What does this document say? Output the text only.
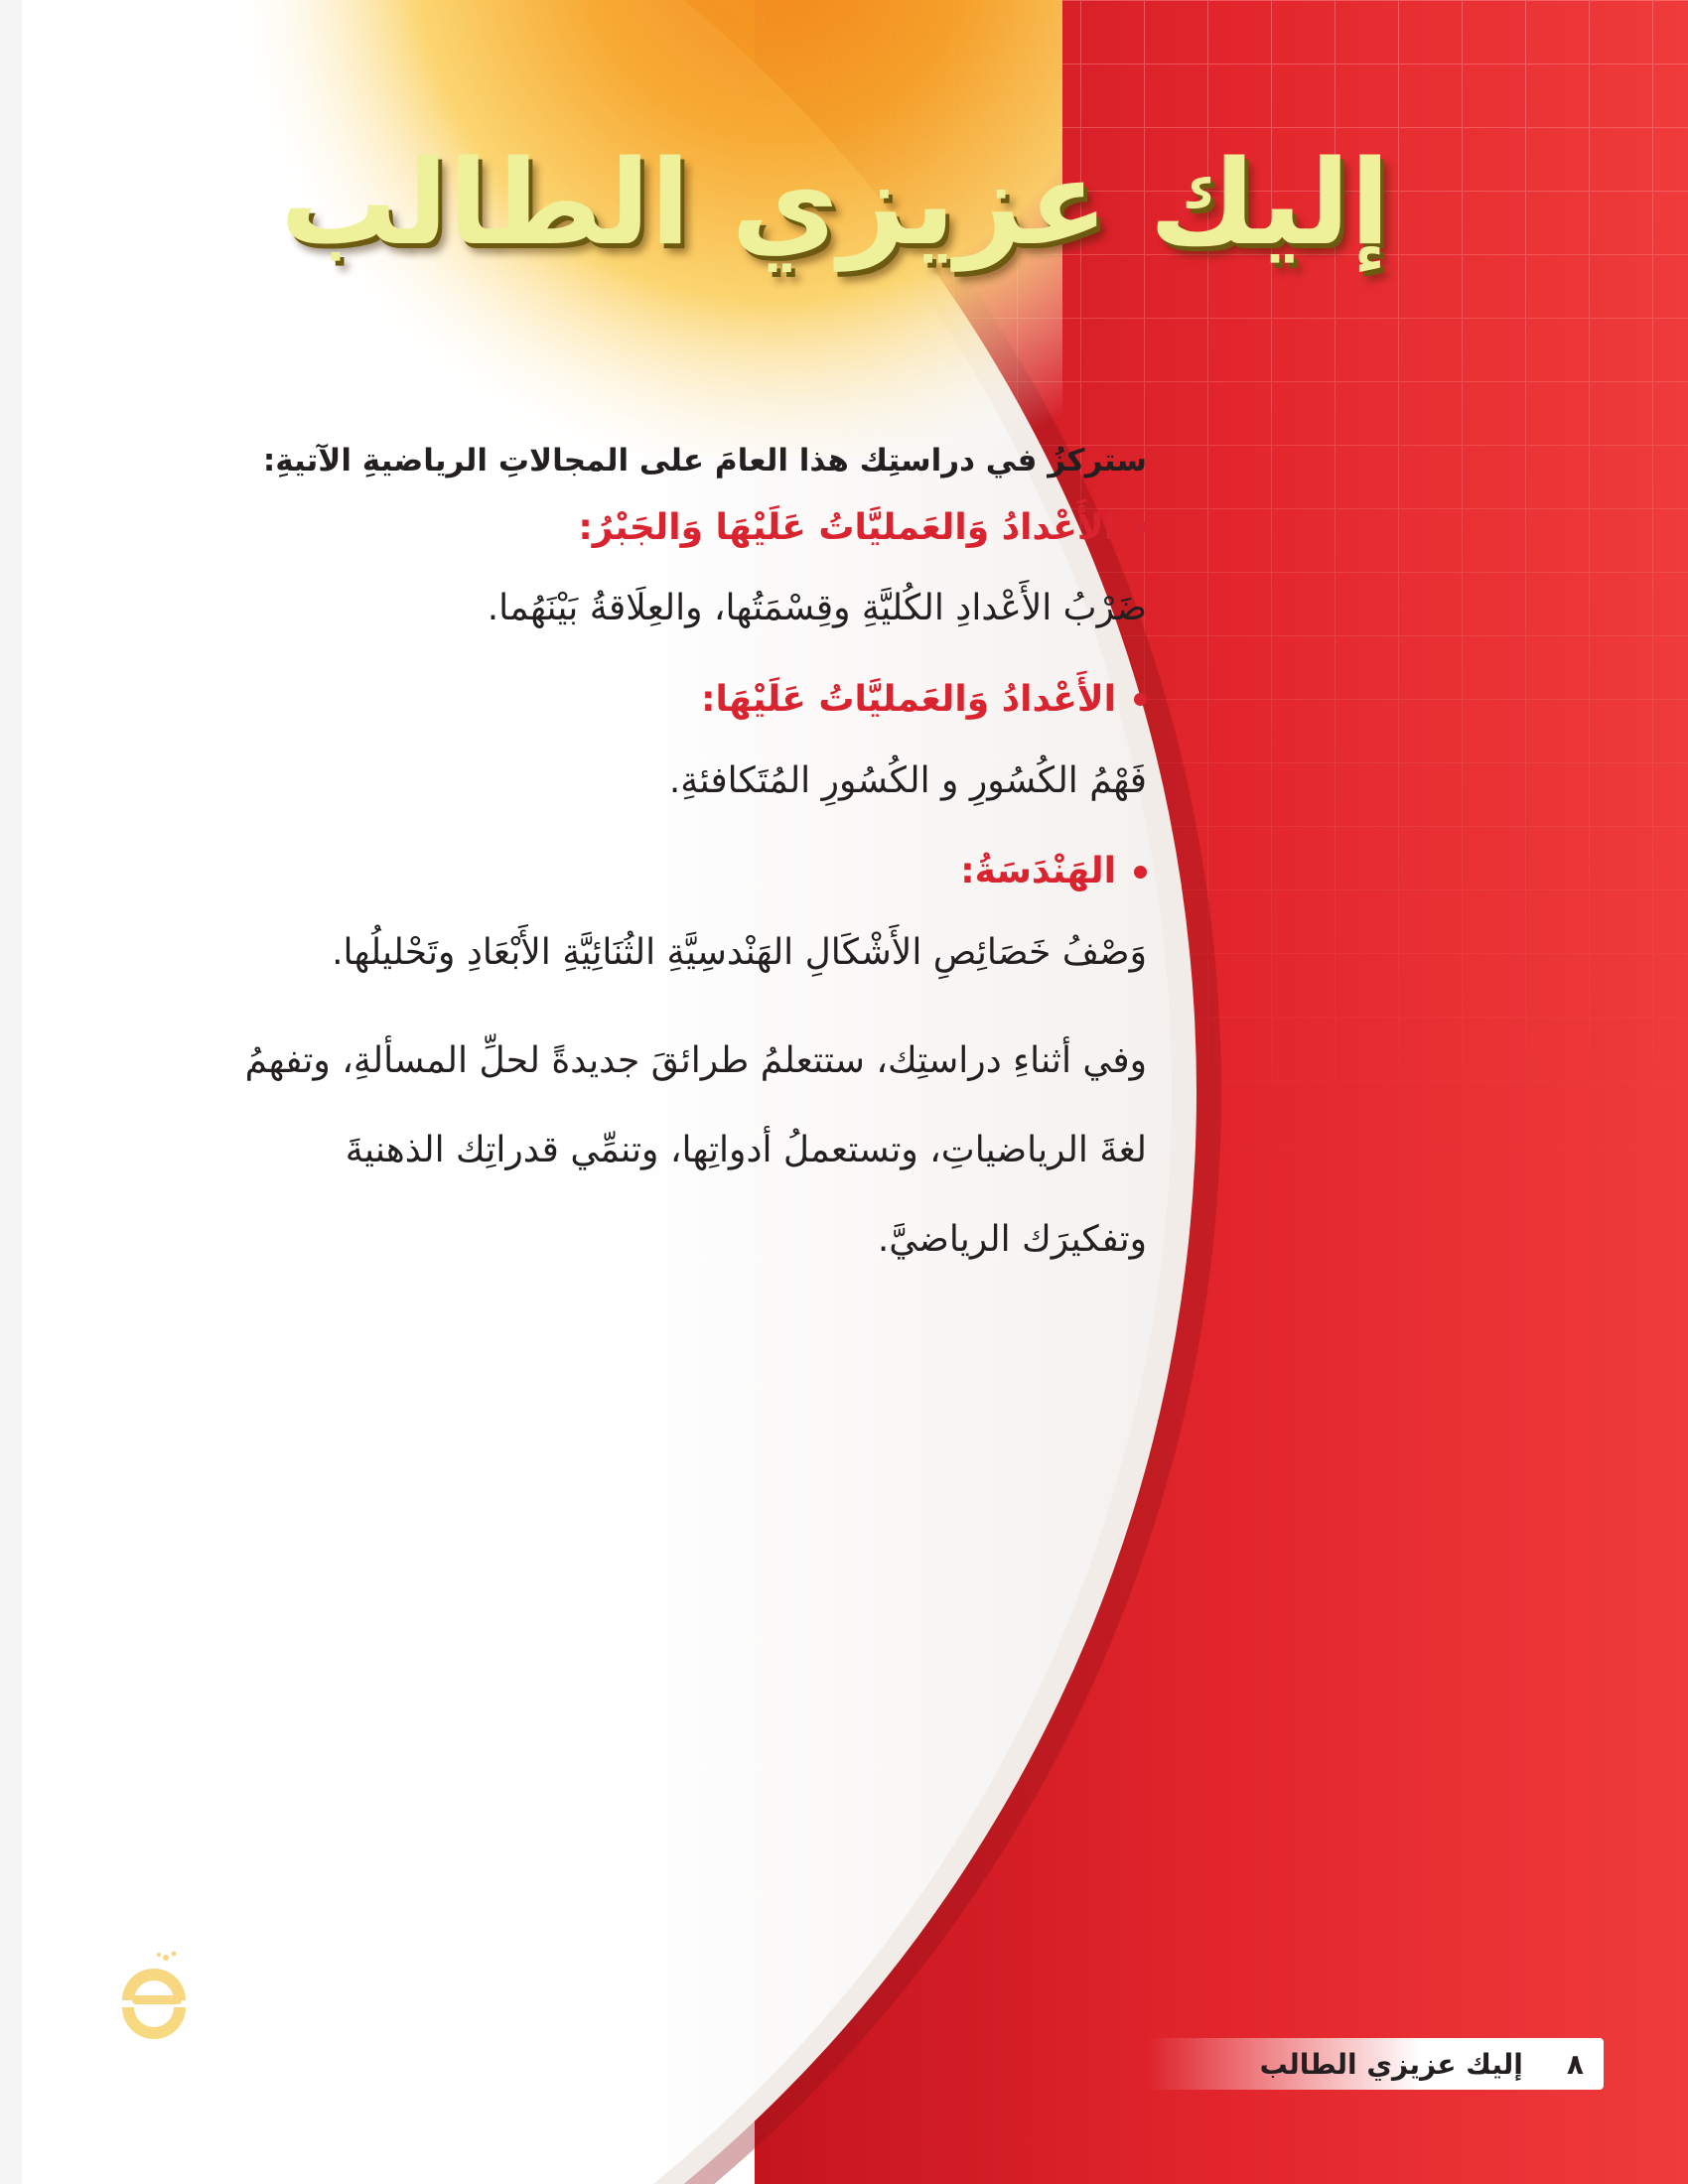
إليك عزيزي الطالب

ستركزُ في دراستِك هذا العامَ على المجالاتِ الرياضيةِ الآتيةِ:

الأَعْدادُ وَالعَمليَّاتُ عَلَيْهَا وَالجَبْرُ:

ضَرْبُ الأَعْدادِ الكُليَّةِ وقِسْمَتُها، والعِلَاقةُ بَيْنَهُما.

الأَعْدادُ وَالعَمليَّاتُ عَلَيْهَا:

فَهْمُ الكُسُورِ و الكُسُورِ المُتَكافئةِ.

الهَنْدَسَةُ:

وَصْفُ خَصَائِصِ الأَشْكَالِ الهَنْدسِيَّةِ الثُنَائِيَّةِ الأَبْعَادِ وتَحْليلُها.

وفي أثناءِ دراستِك، ستتعلمُ طرائقَ جديدةً لحلِّ المسألةِ، وتفهمُ لغةَ الرياضياتِ، وتستعملُ أدواتِها، وتنمِّي قدراتِك الذهنيةَ وتفكيرَك الرياضيَّ.

٨
إليك عزيزي الطالب
